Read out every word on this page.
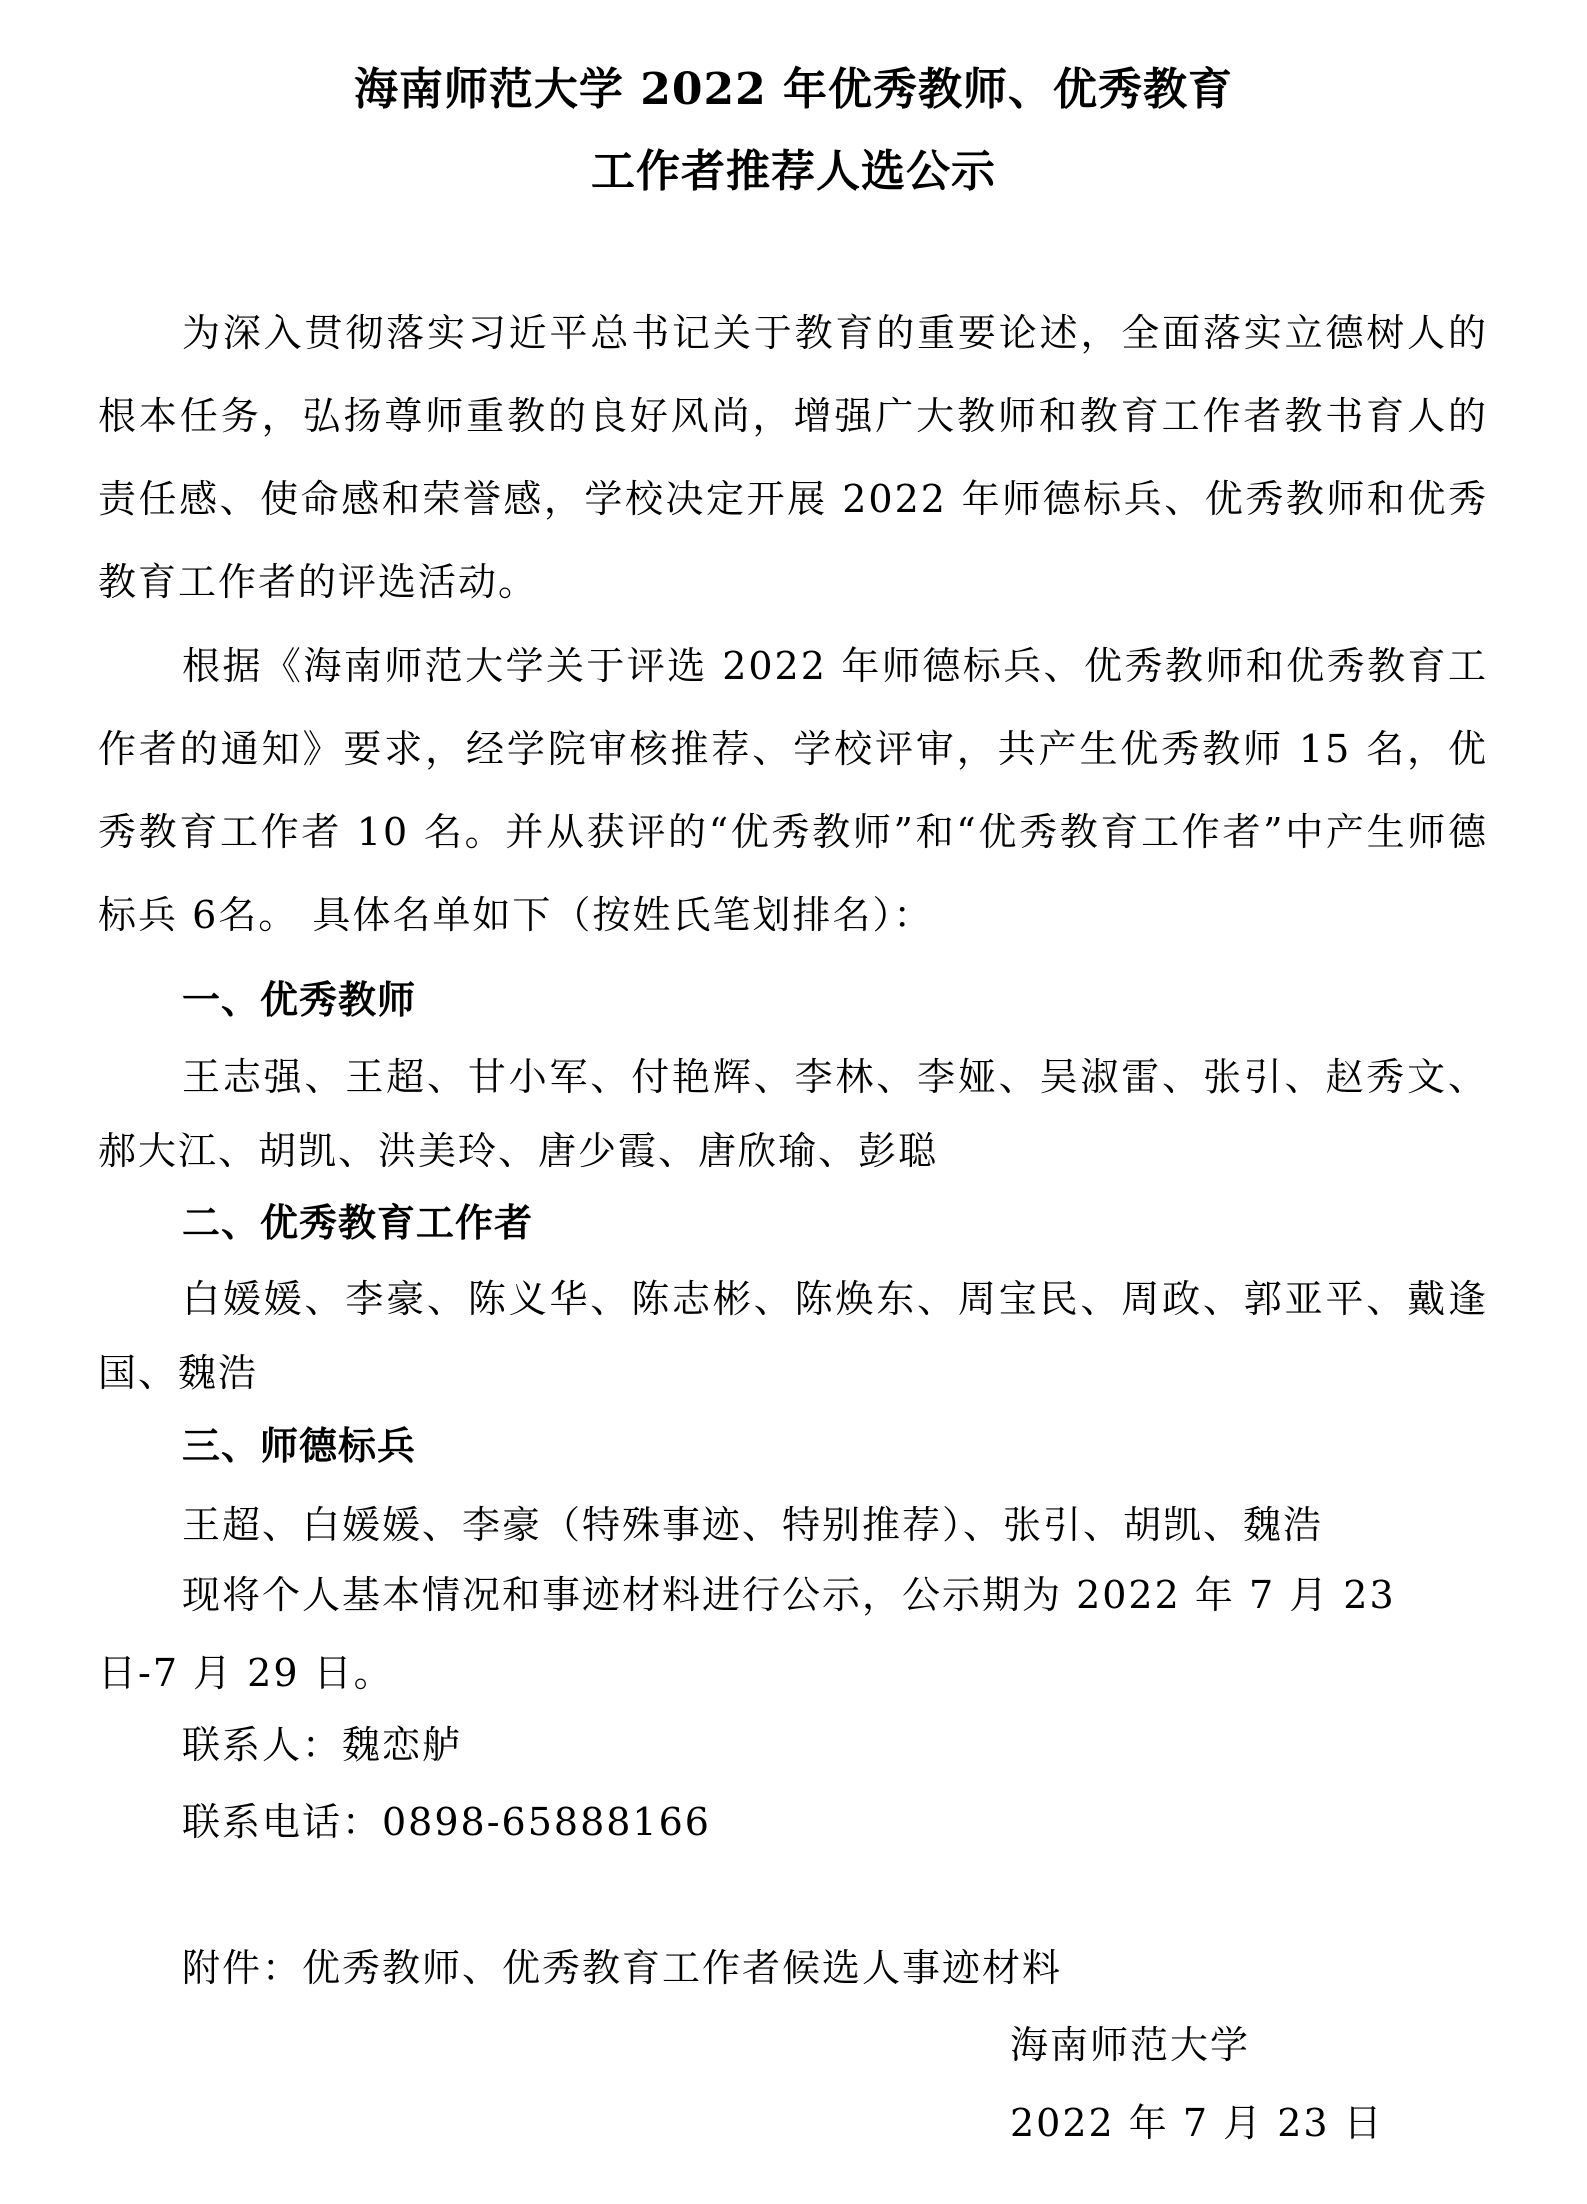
海南师范大学 2022 年优秀教师、优秀教育
工作者推荐人选公示

为深入贯彻落实习近平总书记关于教育的重要论述，全面落实立德树人的根本任务，弘扬尊师重教的良好风尚，增强广大教师和教育工作者教书育人的责任感、使命感和荣誉感，学校决定开展 2022 年师德标兵、优秀教师和优秀教育工作者的评选活动。

根据《海南师范大学关于评选 2022 年师德标兵、优秀教师和优秀教育工作者的通知》要求，经学院审核推荐、学校评审，共产生优秀教师 15 名，优秀教育工作者 10 名。并从获评的“优秀教师”和“优秀教育工作者”中产生师德标兵 6名。 具体名单如下（按姓氏笔划排名）：

一、优秀教师

王志强、王超、甘小军、付艳辉、李林、李娅、吴淑雷、张引、赵秀文、郝大江、胡凯、洪美玲、唐少霞、唐欣瑜、彭聪

二、优秀教育工作者

白媛媛、李豪、陈义华、陈志彬、陈焕东、周宝民、周政、郭亚平、戴逢国、魏浩

三、师德标兵

王超、白媛媛、李豪（特殊事迹、特别推荐）、张引、胡凯、魏浩

现将个人基本情况和事迹材料进行公示，公示期为 2022 年 7 月 23 日-7 月 29 日。

联系人：魏恋舻
联系电话：0898-65888166
附件：优秀教师、优秀教育工作者候选人事迹材料
海南师范大学
2022 年 7 月 23 日
